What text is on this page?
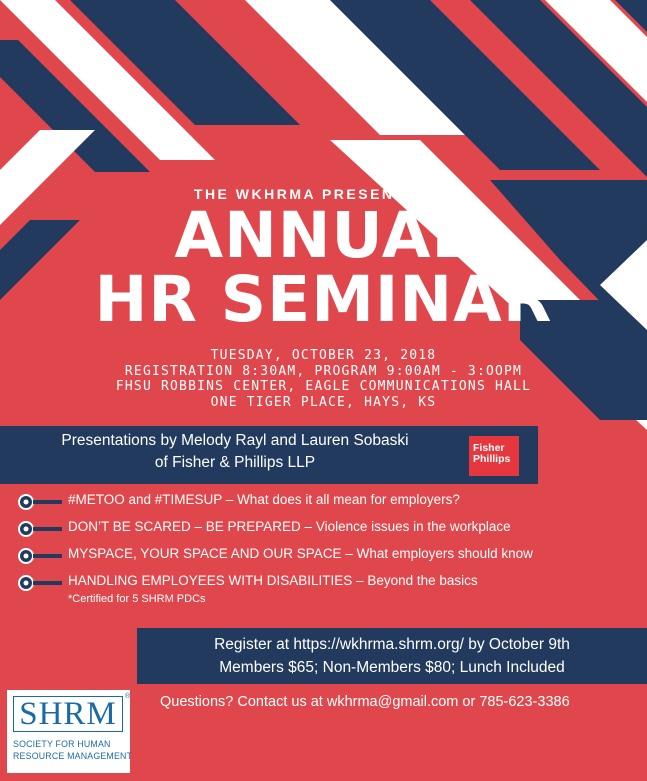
THE WKHRMA PRESENTS ITS
ANNUAL
HR SEMINAR
TUESDAY, OCTOBER 23, 2018
REGISTRATION 8:30AM, PROGRAM 9:00AM - 3:OOPM
FHSU ROBBINS CENTER, EAGLE COMMUNICATIONS HALL
ONE TIGER PLACE, HAYS, KS
Presentations by Melody Rayl and Lauren Sobaski
of Fisher & Phillips LLP
Fisher
Phillips
#METOO and #TIMESUP – What does it all mean for employers?
DON’T BE SCARED – BE PREPARED – Violence issues in the workplace
MYSPACE, YOUR SPACE AND OUR SPACE – What employers should know
HANDLING EMPLOYEES WITH DISABILITIES – Beyond the basics
*Certified for 5 SHRM PDCs
Register at https://wkhrma.shrm.org/ by October 9th
Members $65; Non-Members $80; Lunch Included
Questions? Contact us at wkhrma@gmail.com or 785-623-3386
SHRM	®
SOCIETY FOR HUMAN
RESOURCE MANAGEMENT
